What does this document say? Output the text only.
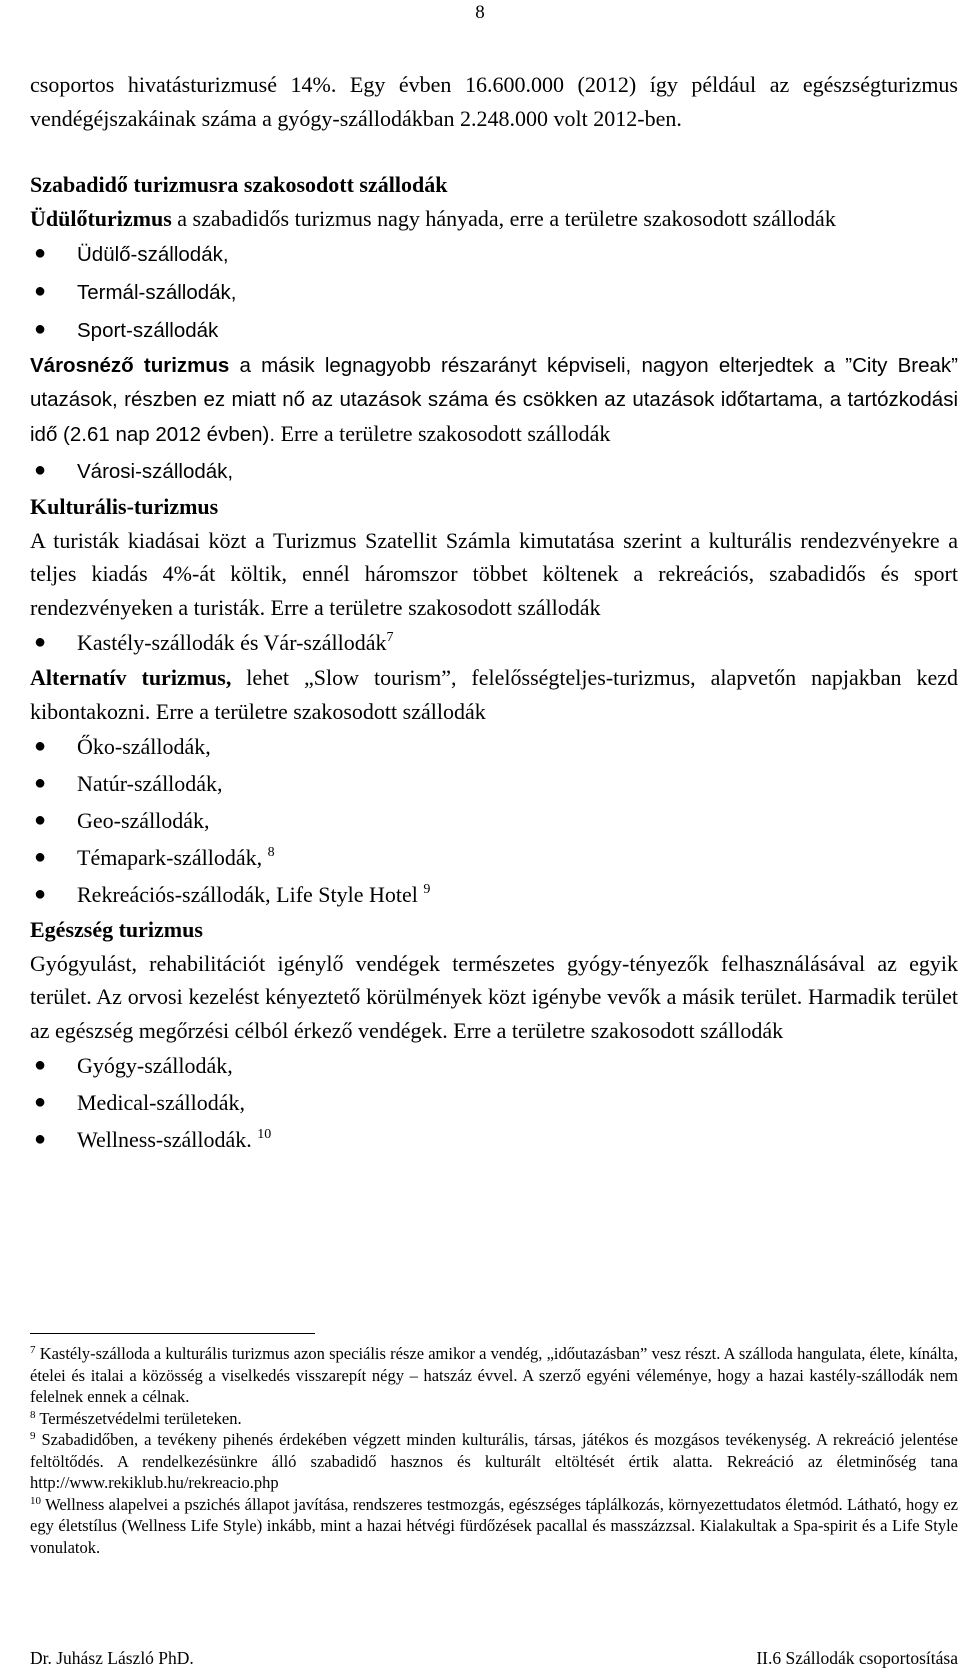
8

csoportos hivatásturizmusé 14%. Egy évben 16.600.000 (2012) így például az egészségturizmus vendégéjszakáinak száma a gyógy-szállodákban 2.248.000 volt 2012-ben.

Szabadidő turizmusra szakosodott szállodák

Üdülőturizmus a szabadidős turizmus nagy hányada, erre a területre szakosodott szállodák

● Üdülő-szállodák,
● Termál-szállodák,
● Sport-szállodák

Városnéző turizmus a másik legnagyobb részarányt képviseli, nagyon elterjedtek a ”City Break” utazások, részben ez miatt nő az utazások száma és csökken az utazások időtartama, a tartózkodási idő (2.61 nap 2012 évben). Erre a területre szakosodott szállodák

● Városi-szállodák,

Kulturális-turizmus

A turisták kiadásai közt a Turizmus Szatellit Számla kimutatása szerint a kulturális rendezvényekre a teljes kiadás 4%-át költik, ennél háromszor többet költenek a rekreációs, szabadidős és sport rendezvényeken a turisták. Erre a területre szakosodott szállodák

● Kastély-szállodák és Vár-szállodák$^7$

Alternatív turizmus, lehet „Slow tourism”, felelősségteljes-turizmus, alapvetőn napjakban kezd kibontakozni. Erre a területre szakosodott szállodák

● Őko-szállodák,
● Natúr-szállodák,
● Geo-szállodák,
● Témapark-szállodák, $^8$
● Rekreációs-szállodák, Life Style Hotel $^9$

Egészség turizmus

Gyógyulást, rehabilitációt igénylő vendégek természetes gyógy-tényezők felhasználásával az egyik terület. Az orvosi kezelést kényeztető körülmények közt igénybe vevők a másik terület. Harmadik terület az egészség megőrzési célból érkező vendégek. Erre a területre szakosodott szállodák

● Gyógy-szállodák,
● Medical-szállodák,
● Wellness-szállodák. $^{10}$

$^7$ Kastély-szálloda a kulturális turizmus azon speciális része amikor a vendég, „időutazásban” vesz részt. A szálloda hangulata, élete, kínálta, ételei és italai a közösség a viselkedés visszarepít négy – hatszáz évvel. A szerző egyéni véleménye, hogy a hazai kastély-szállodák nem felelnek ennek a célnak.

$^8$ Természetvédelmi területeken.

$^9$ Szabadidőben, a tevékeny pihenés érdekében végzett minden kulturális, társas, játékos és mozgásos tevékenység. A rekreáció jelentése feltöltődés. A rendelkezésünkre álló szabadidő hasznos és kulturált eltöltését értik alatta. Rekreáció az életminőség tana http://www.rekiklub.hu/rekreacio.php

$^{10}$ Wellness alapelvei a pszichés állapot javítása, rendszeres testmozgás, egészséges táplálkozás, környezettudatos életmód. Látható, hogy ez egy életstílus (Wellness Life Style) inkább, mint a hazai hétvégi fürdőzések pacallal és masszázzsal. Kialakultak a Spa-spirit és a Life Style vonulatok.

Dr. Juhász László PhD.	II.6 Szállodák csoportosítása
